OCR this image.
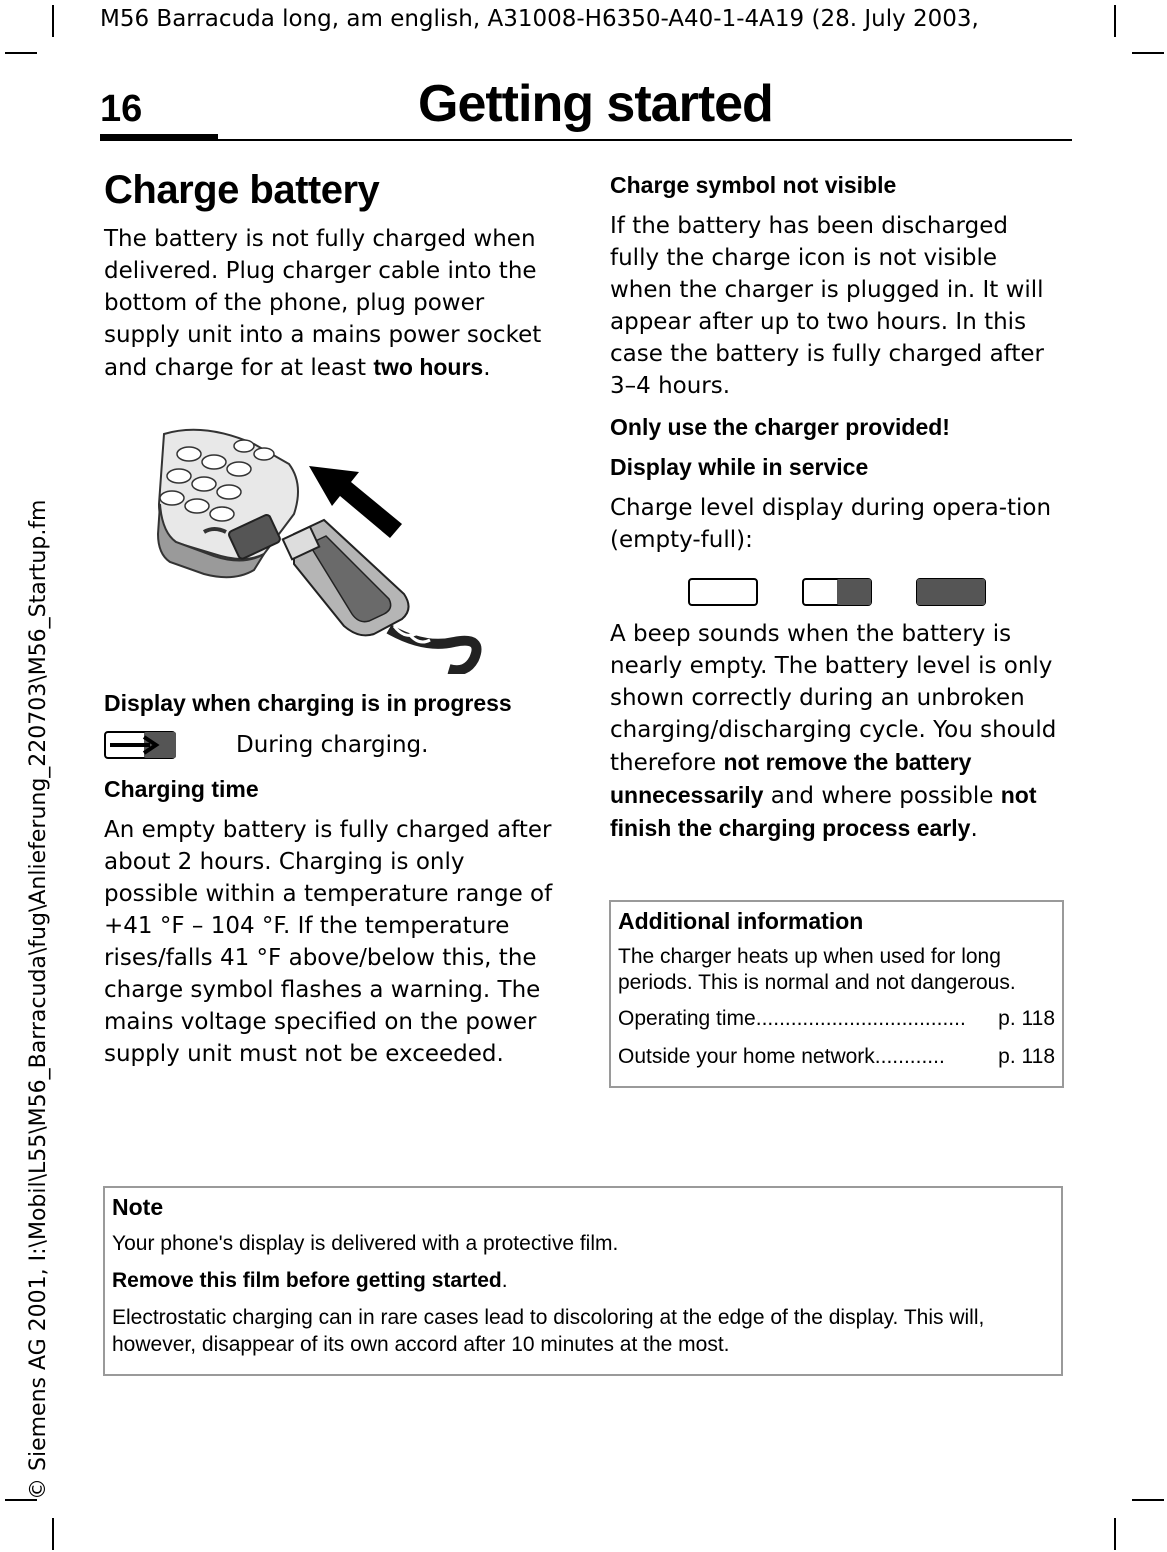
M56 Barracuda long, am english, A31008-H6350-A40-1-4A19 (28. July 2003,
© Siemens AG 2001, I:\Mobil\L55\M56_Barracuda\fug\Anlieferung_220703\M56_Startup.fm
16	Getting started
Charge battery
The battery is not fully charged when delivered. Plug charger cable into the bottom of the phone, plug power supply unit into a mains power socket and charge for at least two hours.
Display when charging is in progress
During charging.
Charging time
An empty battery is fully charged after about 2 hours. Charging is only possible within a temperature range of +41 °F – 104 °F. If the temperature rises/falls 41 °F above/below this, the charge symbol flashes a warning. The mains voltage specified on the power supply unit must not be exceeded.
Charge symbol not visible
If the battery has been discharged fully the charge icon is not visible when the charger is plugged in. It will appear after up to two hours. In this case the battery is fully charged after 3–4 hours.
Only use the charger provided!
Display while in service
Charge level display during opera-tion (empty-full):
A beep sounds when the battery is nearly empty. The battery level is only shown correctly during an unbroken charging/discharging cycle. You should therefore not remove the battery unnecessarily and where possible not finish the charging process early.
Additional information
The charger heats up when used for long periods. This is normal and not dangerous.
Operating time ....................................	p. 118
Outside your home network ............	p. 118
Note
Your phone's display is delivered with a protective film.
Remove this film before getting started.
Electrostatic charging can in rare cases lead to discoloring at the edge of the display. This will, however, disappear of its own accord after 10 minutes at the most.
